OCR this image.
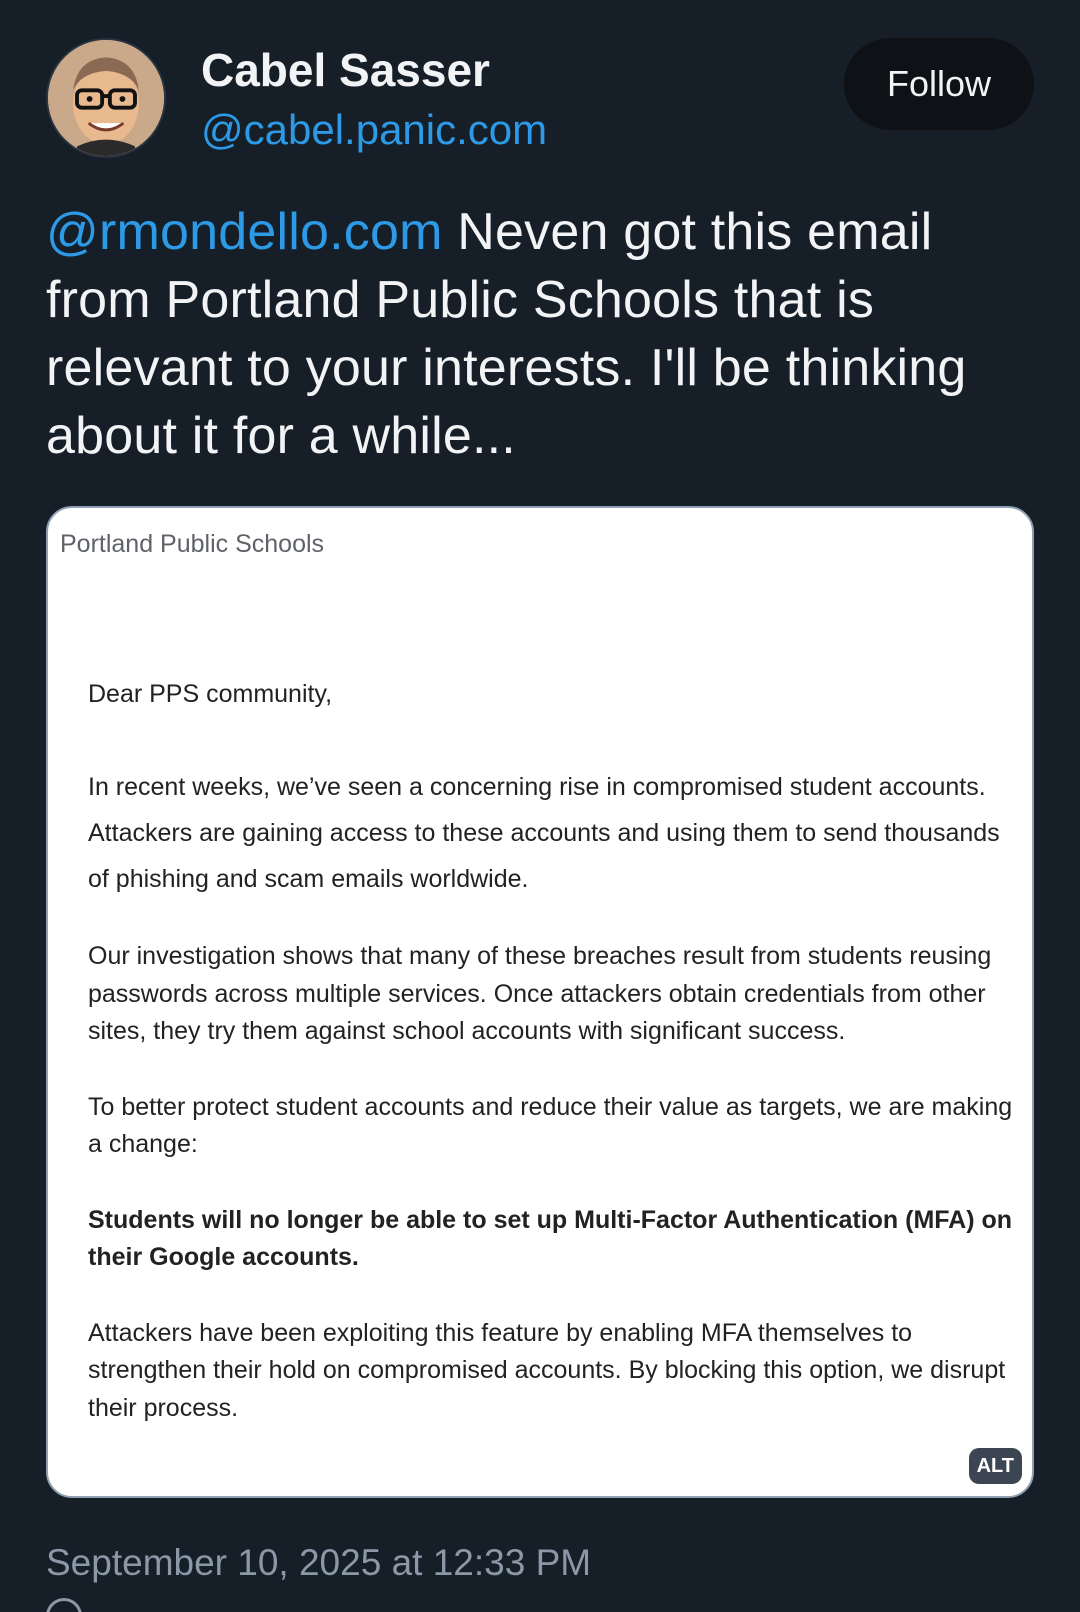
Cabel Sasser
@cabel.panic.com
Follow
@rmondello.com Neven got this email from Portland Public Schools that is relevant to your interests. I'll be thinking about it for a while...
Portland Public Schools

Dear PPS community,

In recent weeks, we’ve seen a concerning rise in compromised student accounts. Attackers are gaining access to these accounts and using them to send thousands of phishing and scam emails worldwide.

Our investigation shows that many of these breaches result from students reusing passwords across multiple services. Once attackers obtain credentials from other sites, they try them against school accounts with significant success.

To better protect student accounts and reduce their value as targets, we are making a change:

Students will no longer be able to set up Multi-Factor Authentication (MFA) on their Google accounts.

Attackers have been exploiting this feature by enabling MFA themselves to strengthen their hold on compromised accounts. By blocking this option, we disrupt their process.

ALT
September 10, 2025 at 12:33 PM
